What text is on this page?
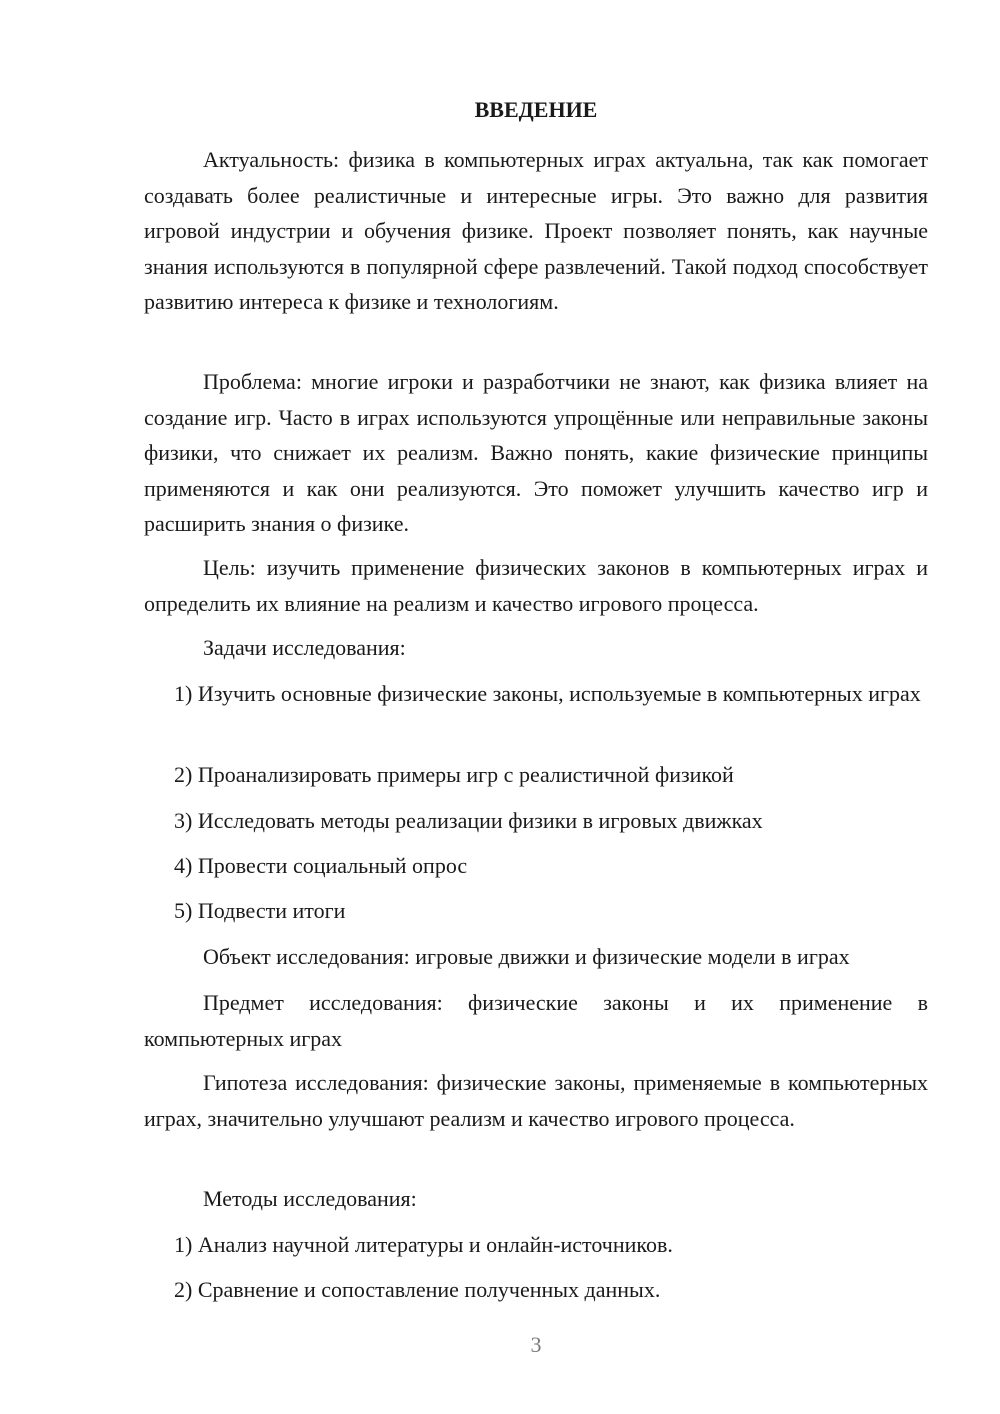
ВВЕДЕНИЕ

Актуальность: физика в компьютерных играх актуальна, так как помогает создавать более реалистичные и интересные игры. Это важно для развития игровой индустрии и обучения физике. Проект позволяет понять, как научные знания используются в популярной сфере развлечений. Такой подход способствует развитию интереса к физике и технологиям.

Проблема: многие игроки и разработчики не знают, как физика влияет на создание игр. Часто в играх используются упрощённые или неправильные законы физики, что снижает их реализм. Важно понять, какие физические принципы применяются и как они реализуются. Это поможет улучшить качество игр и расширить знания о физике.

Цель: изучить применение физических законов в компьютерных играх и определить их влияние на реализм и качество игрового процесса.

Задачи исследования:

1) Изучить основные физические законы, используемые в компьютерных играх

2) Проанализировать примеры игр с реалистичной физикой

3) Исследовать методы реализации физики в игровых движках

4) Провести социальный опрос

5) Подвести итоги

Объект исследования: игровые движки и физические модели в играх

Предмет исследования: физические законы и их применение в компьютерных играх

Гипотеза исследования: физические законы, применяемые в компьютерных играх, значительно улучшают реализм и качество игрового процесса.

Методы исследования:

1) Анализ научной литературы и онлайн-источников.

2) Сравнение и сопоставление полученных данных.

3
